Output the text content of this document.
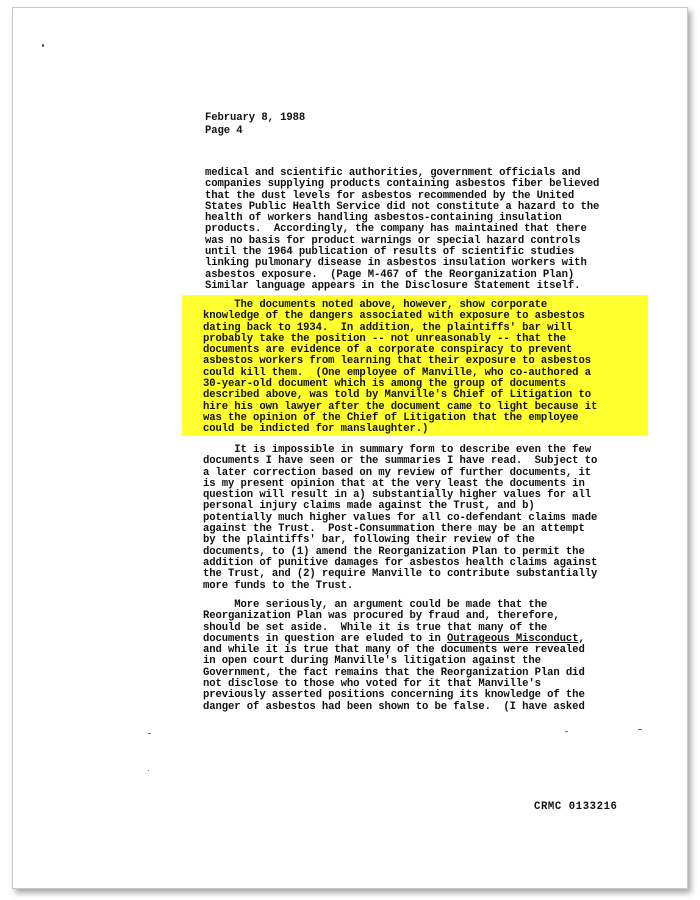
February 8, 1988
Page 4
medical and scientific authorities, government officials and
companies supplying products containing asbestos fiber believed
that the dust levels for asbestos recommended by the United
States Public Health Service did not constitute a hazard to the
health of workers handling asbestos-containing insulation
products.  Accordingly, the company has maintained that there
was no basis for product warnings or special hazard controls
until the 1964 publication of results of scientific studies
linking pulmonary disease in asbestos insulation workers with
asbestos exposure.  (Page M-467 of the Reorganization Plan)
Similar language appears in the Disclosure Statement itself.
The documents noted above, however, show corporate
knowledge of the dangers associated with exposure to asbestos
dating back to 1934.  In addition, the plaintiffs' bar will
probably take the position -- not unreasonably -- that the
documents are evidence of a corporate conspiracy to prevent
asbestos workers from learning that their exposure to asbestos
could kill them.  (One employee of Manville, who co-authored a
30-year-old document which is among the group of documents
described above, was told by Manville's Chief of Litigation to
hire his own lawyer after the document came to light because it
was the opinion of the Chief of Litigation that the employee
could be indicted for manslaughter.)
It is impossible in summary form to describe even the few
documents I have seen or the summaries I have read.  Subject to
a later correction based on my review of further documents, it
is my present opinion that at the very least the documents in
question will result in a) substantially higher values for all
personal injury claims made against the Trust, and b)
potentially much higher values for all co-defendant claims made
against the Trust.  Post-Consummation there may be an attempt
by the plaintiffs' bar, following their review of the
documents, to (1) amend the Reorganization Plan to permit the
addition of punitive damages for asbestos health claims against
the Trust, and (2) require Manville to contribute substantially
more funds to the Trust.
More seriously, an argument could be made that the
Reorganization Plan was procured by fraud and, therefore,
should be set aside.  While it is true that many of the
documents in question are eluded to in Outrageous Misconduct,
and while it is true that many of the documents were revealed
in open court during Manville's litigation against the
Government, the fact remains that the Reorganization Plan did
not disclose to those who voted for it that Manville's
previously asserted positions concerning its knowledge of the
danger of asbestos had been shown to be false.  (I have asked
CRMC 0133216
